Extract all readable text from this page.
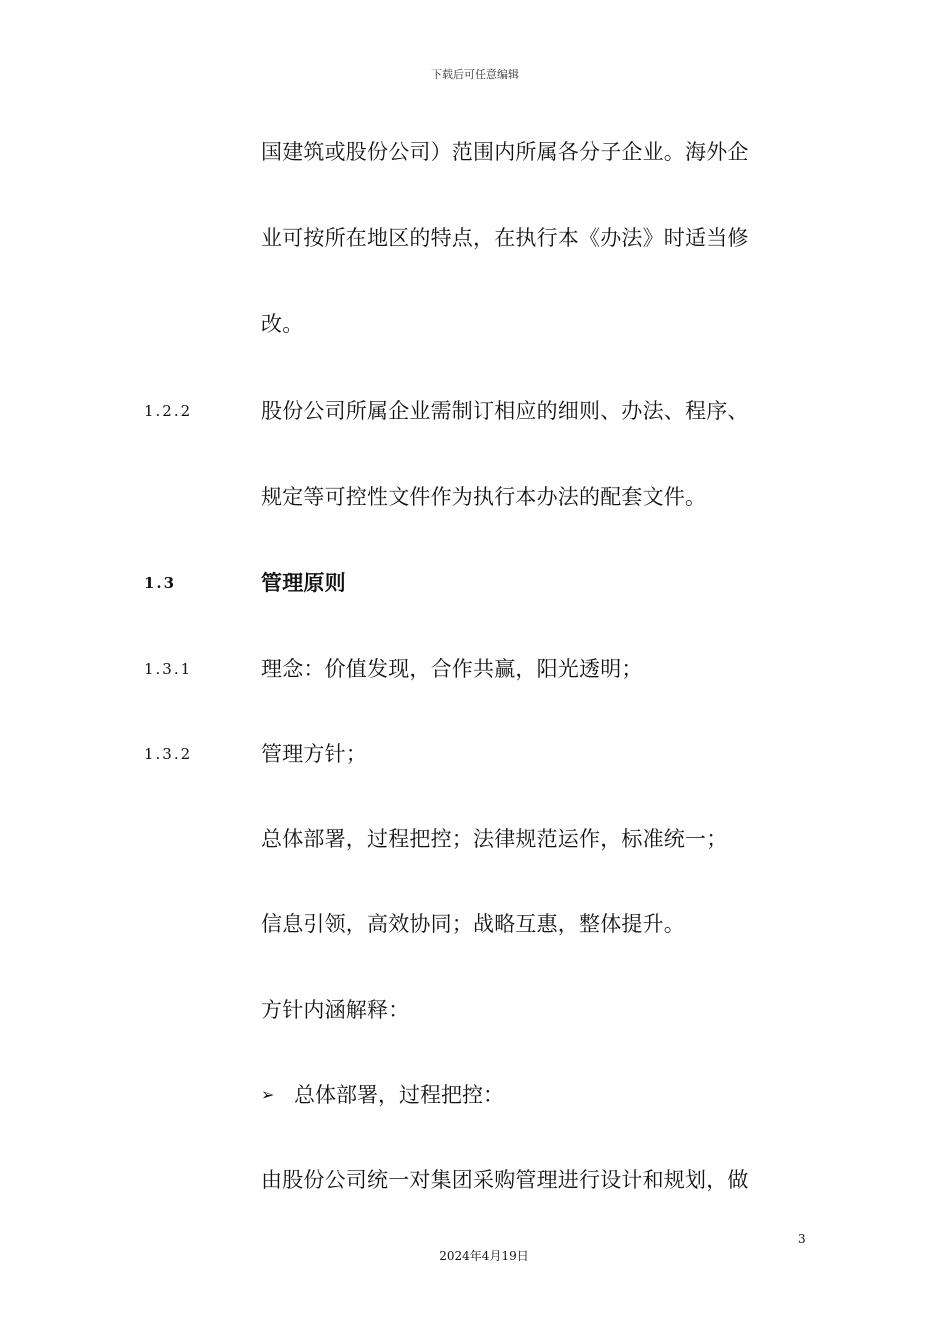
下载后可任意编辑
国建筑或股份公司）范围内所属各分子企业。海外企
业可按所在地区的特点，在执行本《办法》时适当修
改。
1.2.2	股份公司所属企业需制订相应的细则、办法、程序、
规定等可控性文件作为执行本办法的配套文件。
1.3	管理原则
1.3.1	理念：价值发现，合作共赢，阳光透明；
1.3.2	管理方针；
总体部署，过程把控；法律规范运作，标准统一；
信息引领，高效协同；战略互惠，整体提升。
方针内涵解释：
➢ 总体部署，过程把控：
由股份公司统一对集团采购管理进行设计和规划，做
3
2024年4月19日
